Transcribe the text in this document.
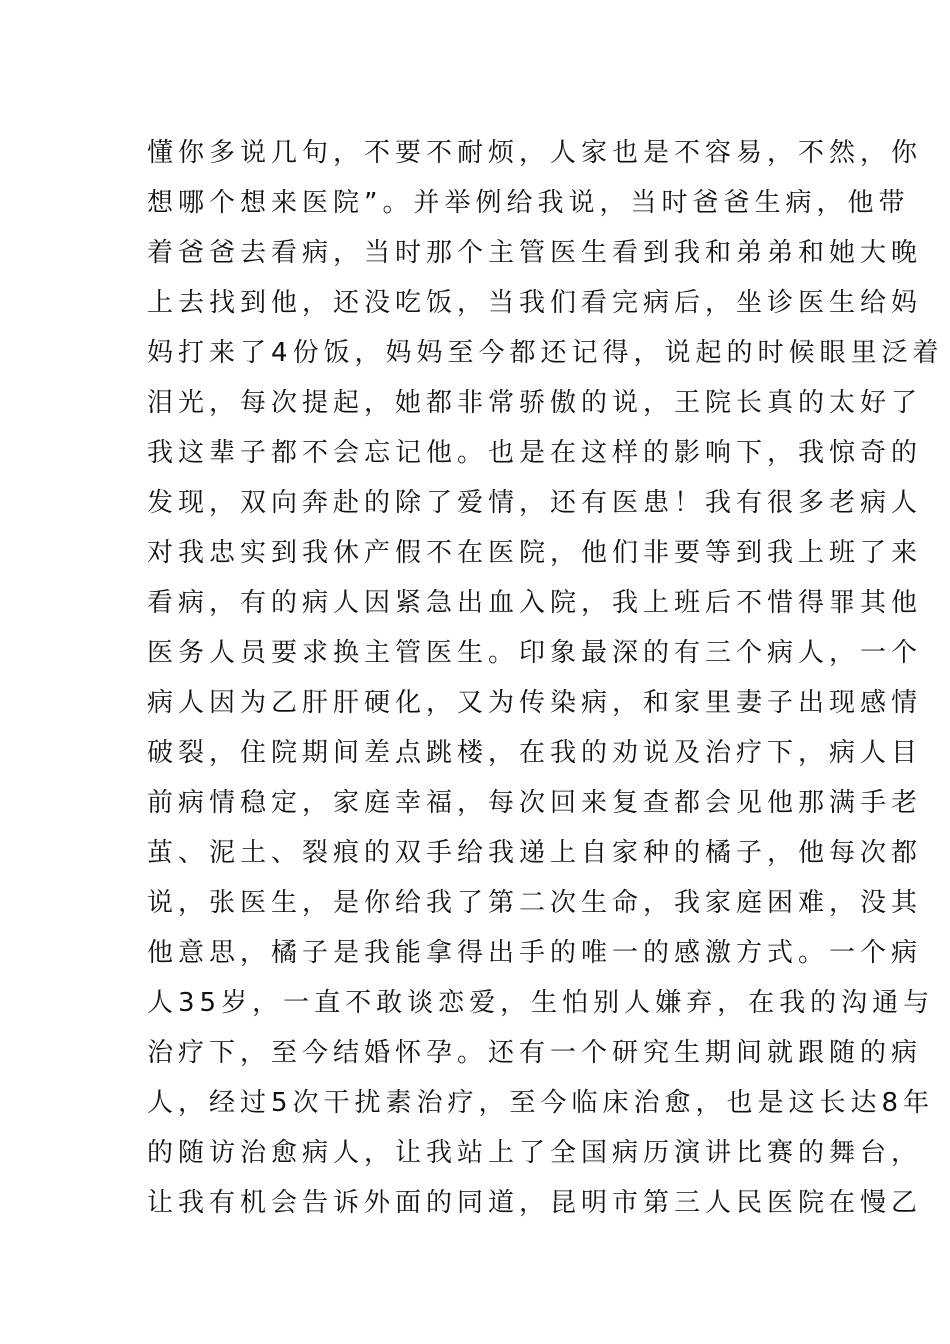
懂你多说几句，不要不耐烦，人家也是不容易，不然，你
想哪个想来医院”。并举例给我说，当时爸爸生病，他带
着爸爸去看病，当时那个主管医生看到我和弟弟和她大晚
上去找到他，还没吃饭，当我们看完病后，坐诊医生给妈
妈打来了4份饭，妈妈至今都还记得，说起的时候眼里泛着
泪光，每次提起，她都非常骄傲的说，王院长真的太好了
我这辈子都不会忘记他。也是在这样的影响下，我惊奇的
发现，双向奔赴的除了爱情，还有医患！我有很多老病人
对我忠实到我休产假不在医院，他们非要等到我上班了来
看病，有的病人因紧急出血入院，我上班后不惜得罪其他
医务人员要求换主管医生。印象最深的有三个病人，一个
病人因为乙肝肝硬化，又为传染病，和家里妻子出现感情
破裂，住院期间差点跳楼，在我的劝说及治疗下，病人目
前病情稳定，家庭幸福，每次回来复查都会见他那满手老
茧、泥土、裂痕的双手给我递上自家种的橘子，他每次都
说，张医生，是你给我了第二次生命，我家庭困难，没其
他意思，橘子是我能拿得出手的唯一的感激方式。一个病
人35岁，一直不敢谈恋爱，生怕别人嫌弃，在我的沟通与
治疗下，至今结婚怀孕。还有一个研究生期间就跟随的病
人，经过5次干扰素治疗，至今临床治愈，也是这长达8年
的随访治愈病人，让我站上了全国病历演讲比赛的舞台，
让我有机会告诉外面的同道，昆明市第三人民医院在慢乙
